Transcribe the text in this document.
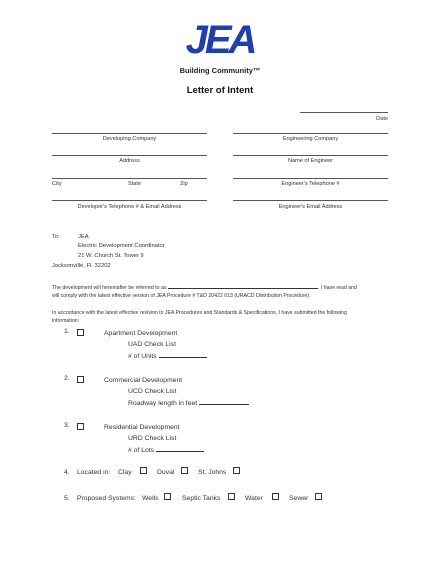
JEA
Building Community™
Letter of Intent
Date
Developing Company	Engineering Company
Address	Name of Engineer
City	State	Zip	Engineer's Telephone #
Developer's Telephone # & Email Address	Engineer's Email Address
To:	JEA
Electric Development Coordinator
21 W. Church St. Tower 9
Jacksonville, Fl. 32202
The development will hereinafter be referred to as	. I have read and
will comply with the latest effective version of JEA Procedure # T&D 20422 013 (URACD Distribution Procedure).
In accordance with the latest effective revision to JEA Procedures and Standards & Specifications, I have submitted the following
information:
1.	Apartment Development
UAD Check List
# of Units
2.	Commercial Development
UCD Check List
Roadway length in feet
3.	Residential Development
URD Check List
# of Lots
4. Located in: Clay	Duval	St. Johns
5. Proposed Systems: Wells	Septic Tanks	Water	Sewer
